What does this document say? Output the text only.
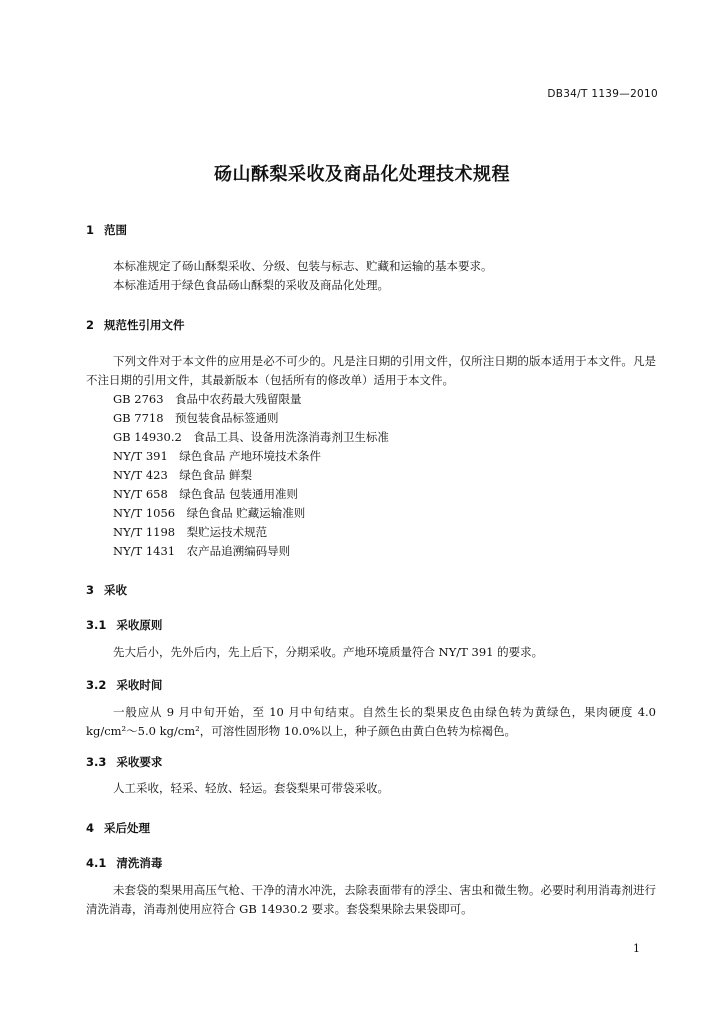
DB34/T 1139—2010
砀山酥梨采收及商品化处理技术规程
1 范围
本标准规定了砀山酥梨采收、分级、包装与标志、贮藏和运输的基本要求。
本标准适用于绿色食品砀山酥梨的采收及商品化处理。
2 规范性引用文件
下列文件对于本文件的应用是必不可少的。凡是注日期的引用文件，仅所注日期的版本适用于本文件。凡是不注日期的引用文件，其最新版本（包括所有的修改单）适用于本文件。
GB 2763　食品中农药最大残留限量
GB 7718　预包装食品标签通则
GB 14930.2　食品工具、设备用洗涤消毒剂卫生标准
NY/T 391　绿色食品 产地环境技术条件
NY/T 423　绿色食品 鲜梨
NY/T 658　绿色食品 包装通用准则
NY/T 1056　绿色食品 贮藏运输准则
NY/T 1198　梨贮运技术规范
NY/T 1431　农产品追溯编码导则
3 采收
3.1 采收原则
先大后小，先外后内，先上后下，分期采收。产地环境质量符合 NY/T 391 的要求。
3.2 采收时间
一般应从 9 月中旬开始，至 10 月中旬结束。自然生长的梨果皮色由绿色转为黄绿色，果肉硬度 4.0 kg/cm²～5.0 kg/cm²，可溶性固形物 10.0%以上，种子颜色由黄白色转为棕褐色。
3.3 采收要求
人工采收，轻采、轻放、轻运。套袋梨果可带袋采收。
4 采后处理
4.1 清洗消毒
未套袋的梨果用高压气枪、干净的清水冲洗，去除表面带有的浮尘、害虫和微生物。必要时利用消毒剂进行清洗消毒，消毒剂使用应符合 GB 14930.2 要求。套袋梨果除去果袋即可。
1
